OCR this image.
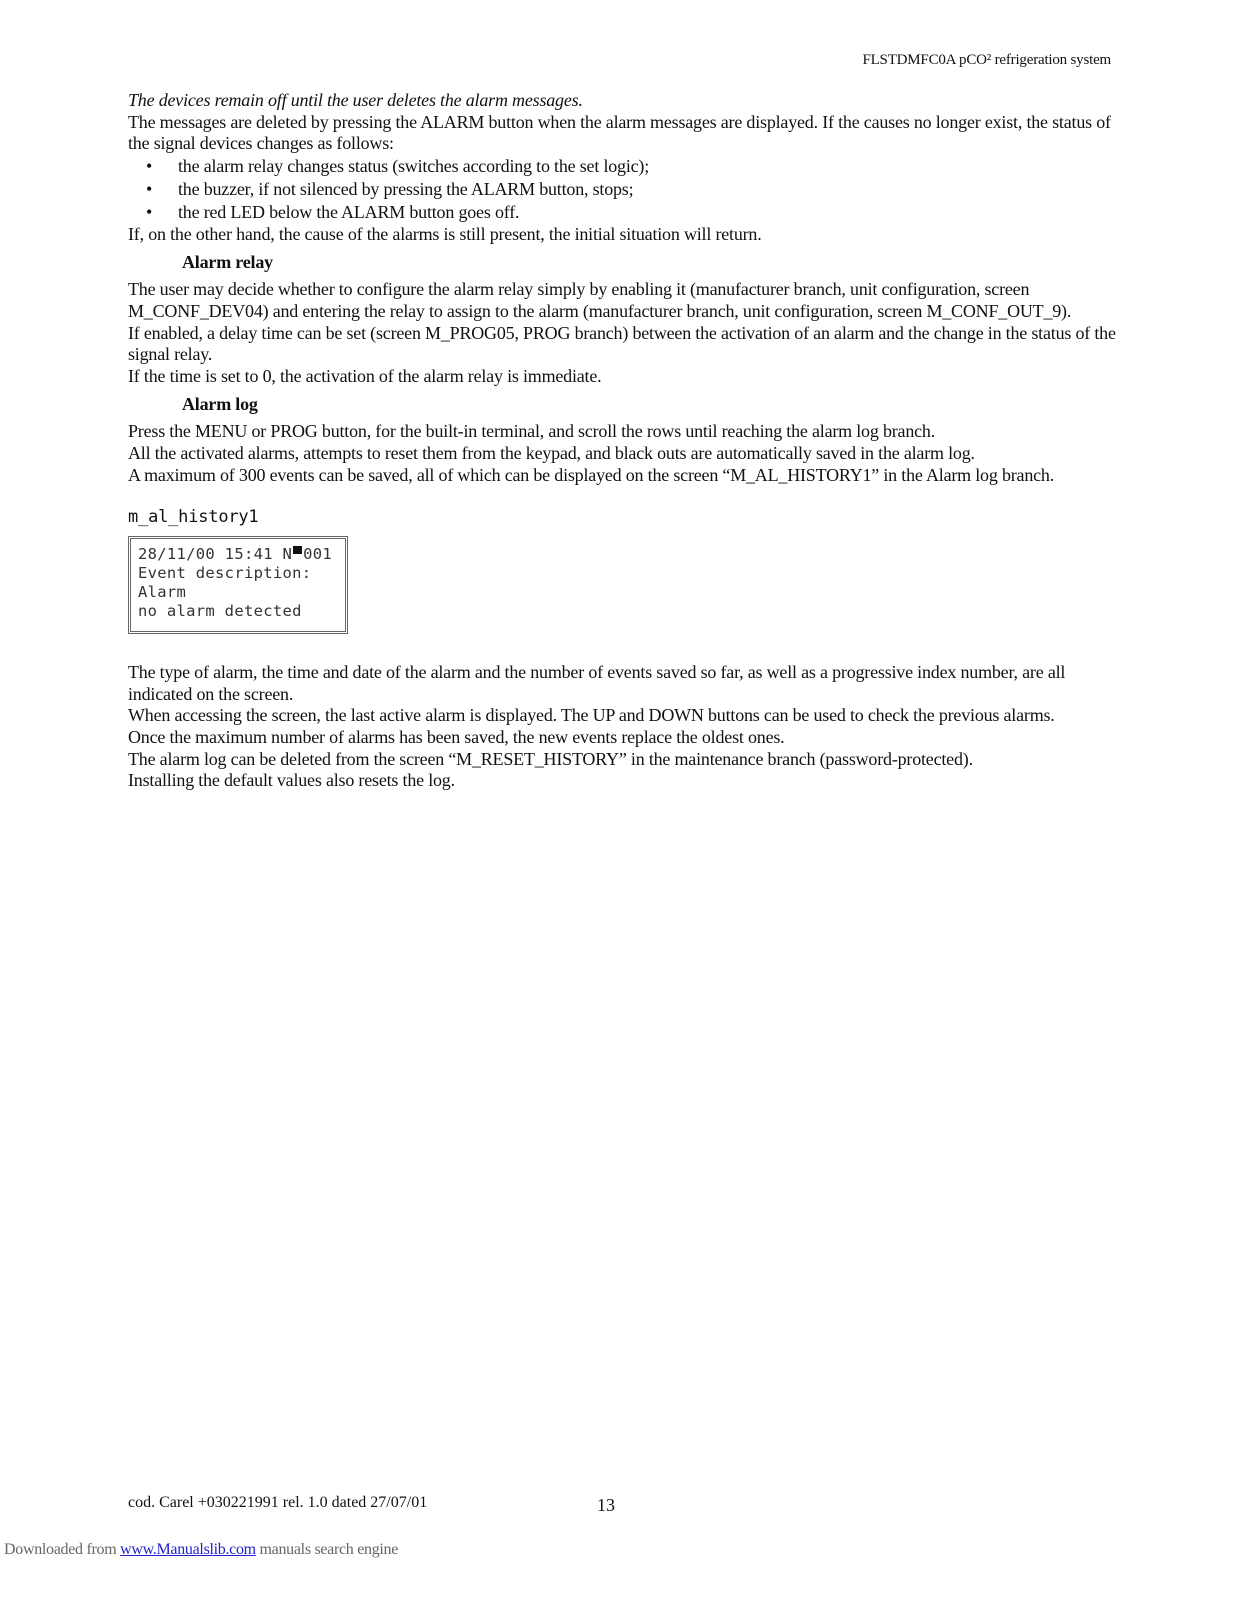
FLSTDMFC0A pCO² refrigeration system

The devices remain off until the user deletes the alarm messages.

The messages are deleted by pressing the ALARM button when the alarm messages are displayed. If the causes no longer exist, the status of the signal devices changes as follows:

• the alarm relay changes status (switches according to the set logic);
• the buzzer, if not silenced by pressing the ALARM button, stops;
• the red LED below the ALARM button goes off.

If, on the other hand, the cause of the alarms is still present, the initial situation will return.

Alarm relay

The user may decide whether to configure the alarm relay simply by enabling it (manufacturer branch, unit configuration, screen M_CONF_DEV04) and entering the relay to assign to the alarm (manufacturer branch, unit configuration, screen M_CONF_OUT_9).

If enabled, a delay time can be set (screen M_PROG05, PROG branch) between the activation of an alarm and the change in the status of the signal relay.

If the time is set to 0, the activation of the alarm relay is immediate.

Alarm log

Press the MENU or PROG button, for the built-in terminal, and scroll the rows until reaching the alarm log branch.

All the activated alarms, attempts to reset them from the keypad, and black outs are automatically saved in the alarm log.

A maximum of 300 events can be saved, all of which can be displayed on the screen “M_AL_HISTORY1” in the Alarm log branch.

m_al_history1
28/11/00 15:41 N 001
Event description:
Alarm
no alarm detected

The type of alarm, the time and date of the alarm and the number of events saved so far, as well as a progressive index number, are all indicated on the screen.

When accessing the screen, the last active alarm is displayed. The UP and DOWN buttons can be used to check the previous alarms.

Once the maximum number of alarms has been saved, the new events replace the oldest ones.

The alarm log can be deleted from the screen “M_RESET_HISTORY” in the maintenance branch (password-protected).

Installing the default values also resets the log.

cod. Carel +030221991 rel. 1.0 dated 27/07/01	13
Downloaded from www.Manualslib.com manuals search engine
